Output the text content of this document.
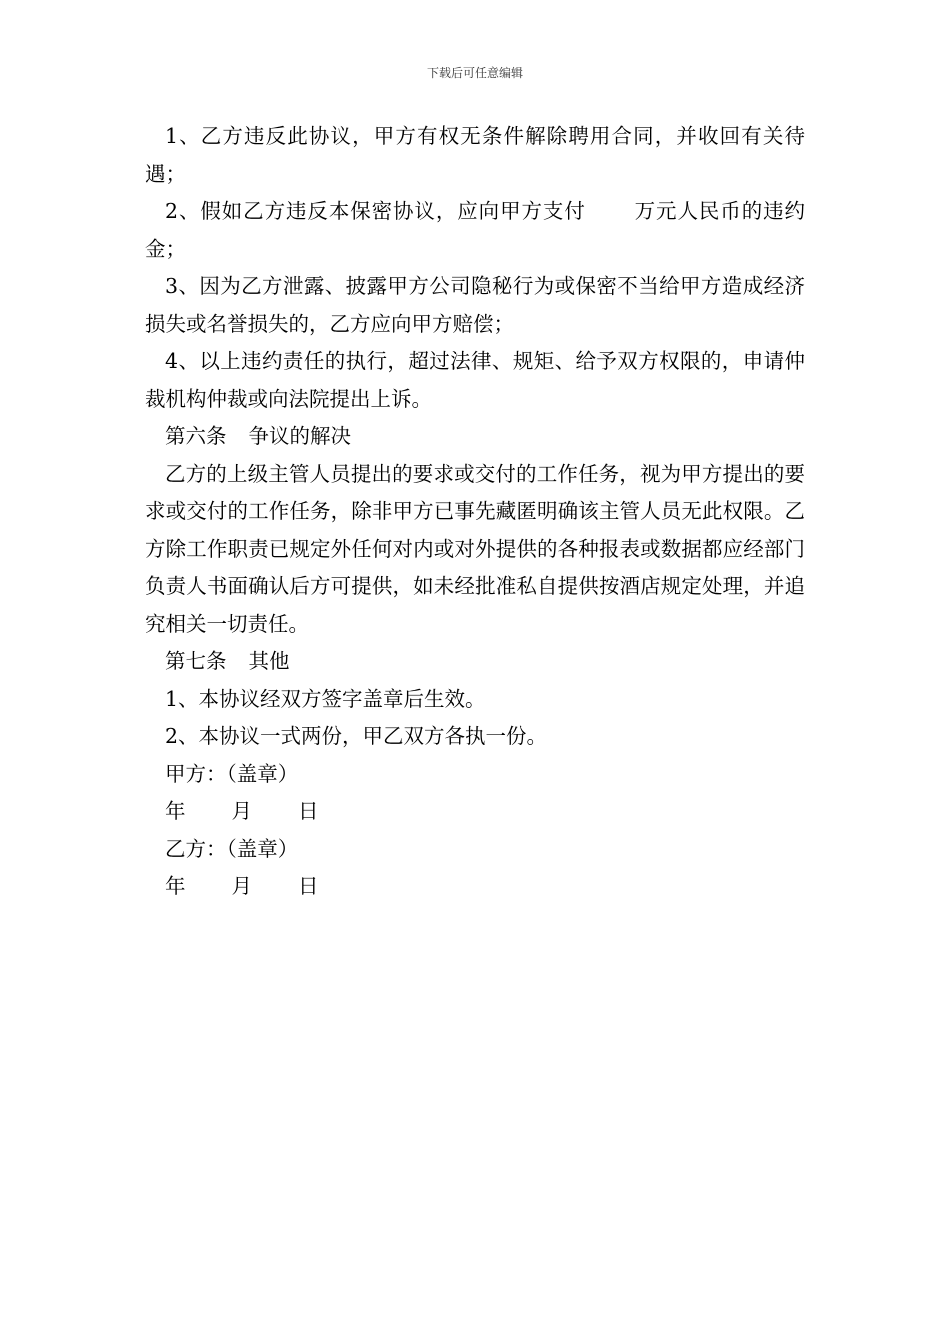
下载后可任意编辑

1、乙方违反此协议，甲方有权无条件解除聘用合同，并收回有关待遇；

2、假如乙方违反本保密协议，应向甲方支付 万元人民币的违约金；

3、因为乙方泄露、披露甲方公司隐秘行为或保密不当给甲方造成经济损失或名誉损失的，乙方应向甲方赔偿；

4、以上违约责任的执行，超过法律、规矩、给予双方权限的，申请仲裁机构仲裁或向法院提出上诉。

第六条 争议的解决

乙方的上级主管人员提出的要求或交付的工作任务，视为甲方提出的要求或交付的工作任务，除非甲方已事先藏匿明确该主管人员无此权限。乙方除工作职责已规定外任何对内或对外提供的各种报表或数据都应经部门负责人书面确认后方可提供，如未经批准私自提供按酒店规定处理，并追究相关一切责任。

第七条 其他

1、本协议经双方签字盖章后生效。

2、本协议一式两份，甲乙双方各执一份。

甲方：（盖章）

年 月 日

乙方：（盖章）

年 月 日
